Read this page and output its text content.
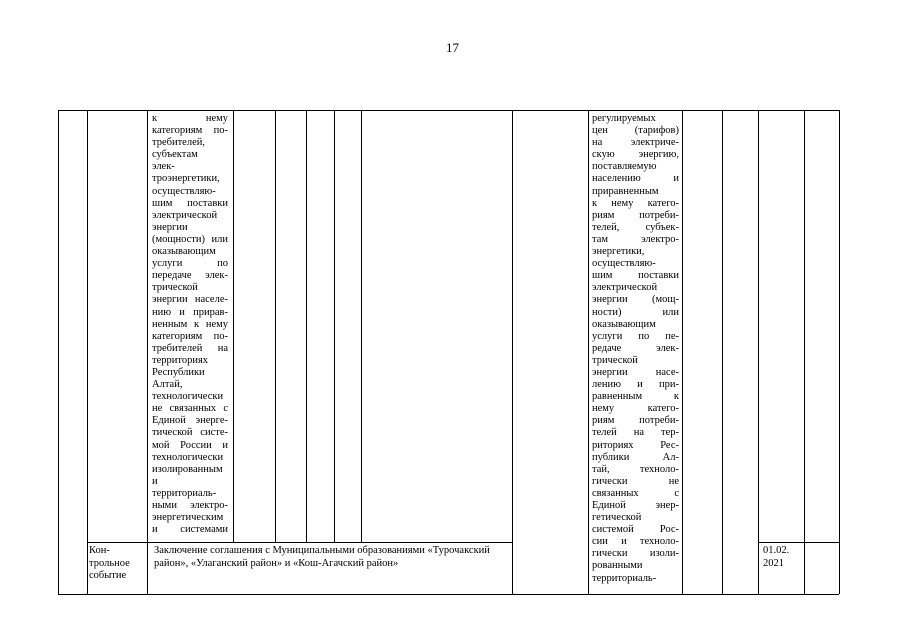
17
к нему
категориям по-
требителей,
субъектам
элек-
троэнергетики,
осуществляю-
шим поставки
электрической
энергии
(мощности) или
оказывающим
услуги по
передаче элек-
трической
энергии населе-
нию и прирав-
ненным к нему
категориям по-
требителей на
территориях
Республики
Алтай,
технологически
не связанных с
Единой энерге-
тической систе-
мой России и
технологически
изолированным
и
территориаль-
ными электро-
энергетическим
и системами
регулируемых
цен (тарифов)
на электриче-
скую энергию,
поставляемую
населению и
приравненным
к нему катего-
риям потреби-
телей, субъек-
там электро-
энергетики,
осуществляю-
шим поставки
электрической
энергии (мощ-
ности) или
оказывающим
услуги по пе-
редаче элек-
трической
энергии насе-
лению и при-
равненным к
нему катего-
риям потреби-
телей на тер-
риториях Рес-
публики Ал-
тай, техноло-
гически не
связанных с
Единой энер-
гетической
системой Рос-
сии и техноло-
гически изоли-
рованными
территориаль-
Кон-
трольное
событие
Заключение соглашения с Муниципальными образованиями «Турочакский
район», «Улаганский район» и «Кош-Агачский район»
01.02.
2021
